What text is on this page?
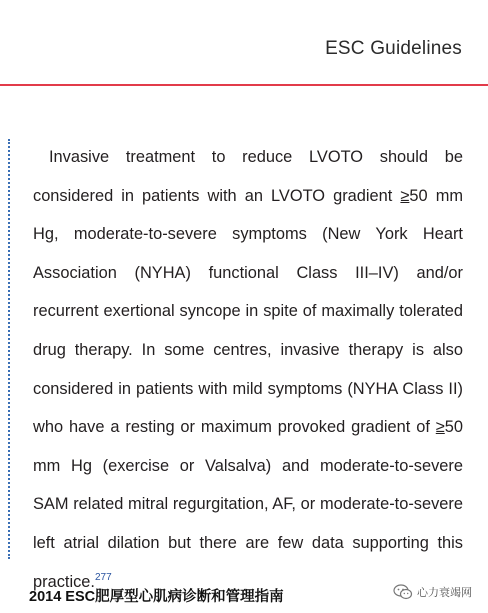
ESC Guidelines

Invasive treatment to reduce LVOTO should be considered in patients with an LVOTO gradient ≥50 mm Hg, moderate-to-severe symptoms (New York Heart Association (NYHA) functional Class III–IV) and/or recurrent exertional syncope in spite of maximally tolerated drug therapy. In some centres, invasive therapy is also considered in patients with mild symptoms (NYHA Class II) who have a resting or maximum provoked gradient of ≥50 mm Hg (exercise or Valsalva) and moderate-to-severe SAM related mitral regurgitation, AF, or moderate-to-severe left atrial dilation but there are few data supporting this practice.$^{277}$

2014 ESC肥厚型心肌病诊断和管理指南	心力衰竭网
